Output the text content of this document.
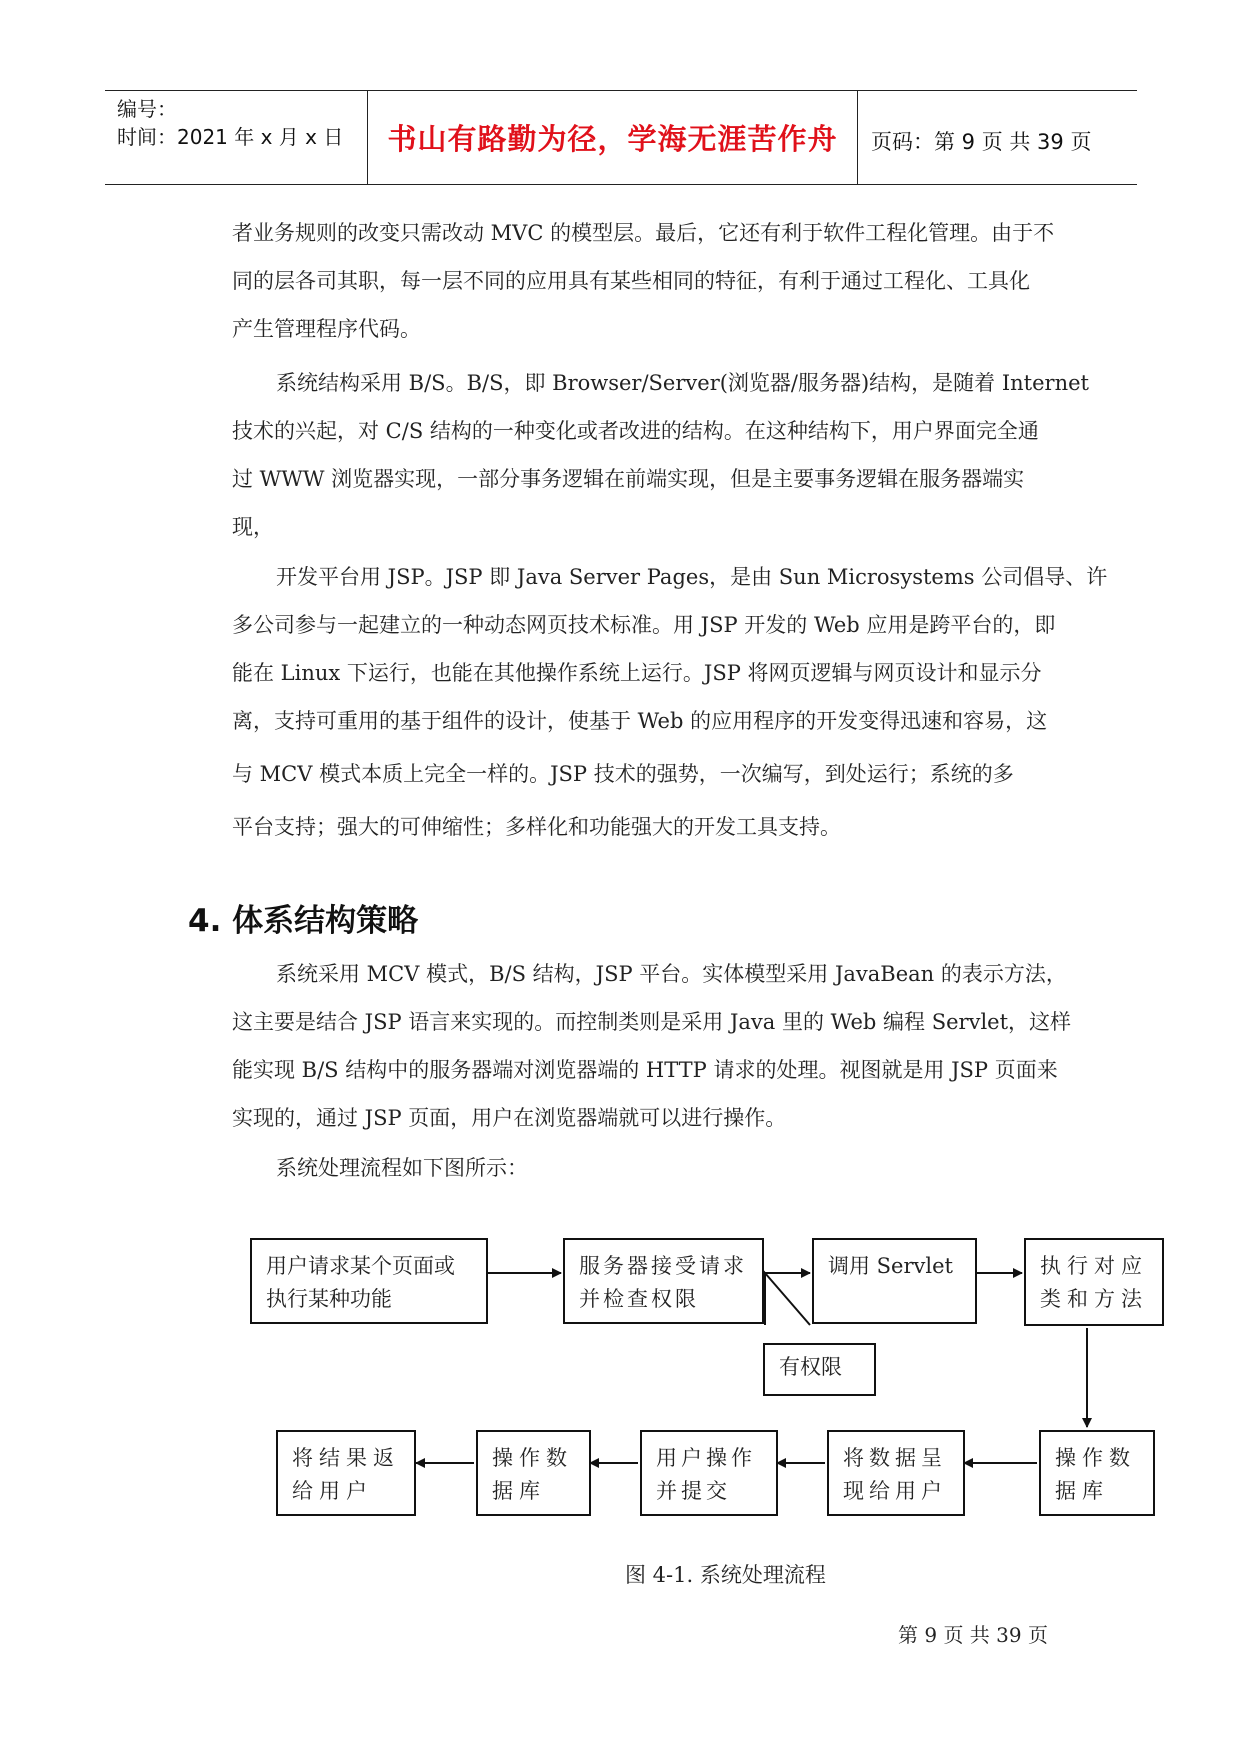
编号：
时间：2021 年 x 月 x 日	书山有路勤为径，学海无涯苦作舟	页码：第 9 页 共 39 页
者业务规则的改变只需改动 MVC 的模型层。最后，它还有利于软件工程化管理。由于不
同的层各司其职，每一层不同的应用具有某些相同的特征，有利于通过工程化、工具化
产生管理程序代码。
系统结构采用 B/S。B/S，即 Browser/Server(浏览器/服务器)结构，是随着 Internet
技术的兴起，对 C/S 结构的一种变化或者改进的结构。在这种结构下，用户界面完全通
过 WWW 浏览器实现，一部分事务逻辑在前端实现，但是主要事务逻辑在服务器端实
现，
开发平台用 JSP。JSP 即 Java Server Pages，是由 Sun Microsystems 公司倡导、许
多公司参与一起建立的一种动态网页技术标准。用 JSP 开发的 Web 应用是跨平台的，即
能在 Linux 下运行，也能在其他操作系统上运行。JSP 将网页逻辑与网页设计和显示分
离，支持可重用的基于组件的设计，使基于 Web 的应用程序的开发变得迅速和容易，这
与 MCV 模式本质上完全一样的。JSP 技术的强势，一次编写，到处运行；系统的多
平台支持；强大的可伸缩性；多样化和功能强大的开发工具支持。
4. 体系结构策略
系统采用 MCV 模式，B/S 结构，JSP 平台。实体模型采用 JavaBean 的表示方法，
这主要是结合 JSP 语言来实现的。而控制类则是采用 Java 里的 Web 编程 Servlet，这样
能实现 B/S 结构中的服务器端对浏览器端的 HTTP 请求的处理。视图就是用 JSP 页面来
实现的，通过 JSP 页面，用户在浏览器端就可以进行操作。
系统处理流程如下图所示：
用户请求某个页面或
执行某种功能
服务器接受请求
并检查权限
调用 Servlet	执行对应
类和方法
有权限
操作数
据库
将数据呈
现给用户
用户操作
并提交
操作数
据库
将结果返
给用户
图 4-1. 系统处理流程
第 9 页 共 39 页
